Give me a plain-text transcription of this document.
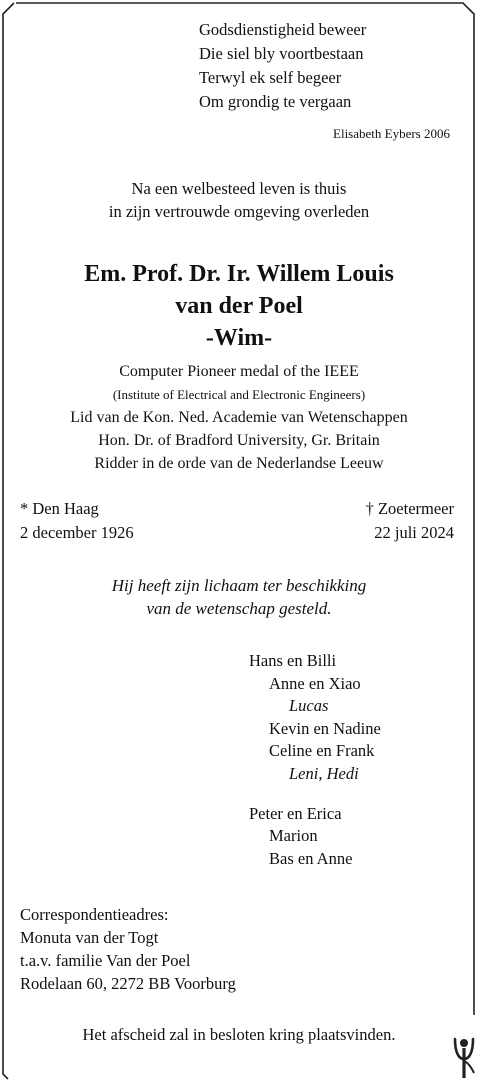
Godsdienstigheid beweer
Die siel bly voortbestaan
Terwyl ek self begeer
Om grondig te vergaan
Elisabeth Eybers 2006
Na een welbesteed leven is thuis
in zijn vertrouwde omgeving overleden
Em. Prof. Dr. Ir. Willem Louis
van der Poel
-Wim-
Computer Pioneer medal of the IEEE
(Institute of Electrical and Electronic Engineers)
Lid van de Kon. Ned. Academie van Wetenschappen
Hon. Dr. of Bradford University, Gr. Britain
Ridder in de orde van de Nederlandse Leeuw
* Den Haag
2 december 1926
† Zoetermeer
22 juli 2024
Hij heeft zijn lichaam ter beschikking
van de wetenschap gesteld.
Hans en Billi
Anne en Xiao
Lucas
Kevin en Nadine
Celine en Frank
Leni, Hedi
Peter en Erica
Marion
Bas en Anne
Correspondentieadres:
Monuta van der Togt
t.a.v. familie Van der Poel
Rodelaan 60, 2272 BB Voorburg
Het afscheid zal in besloten kring plaatsvinden.
